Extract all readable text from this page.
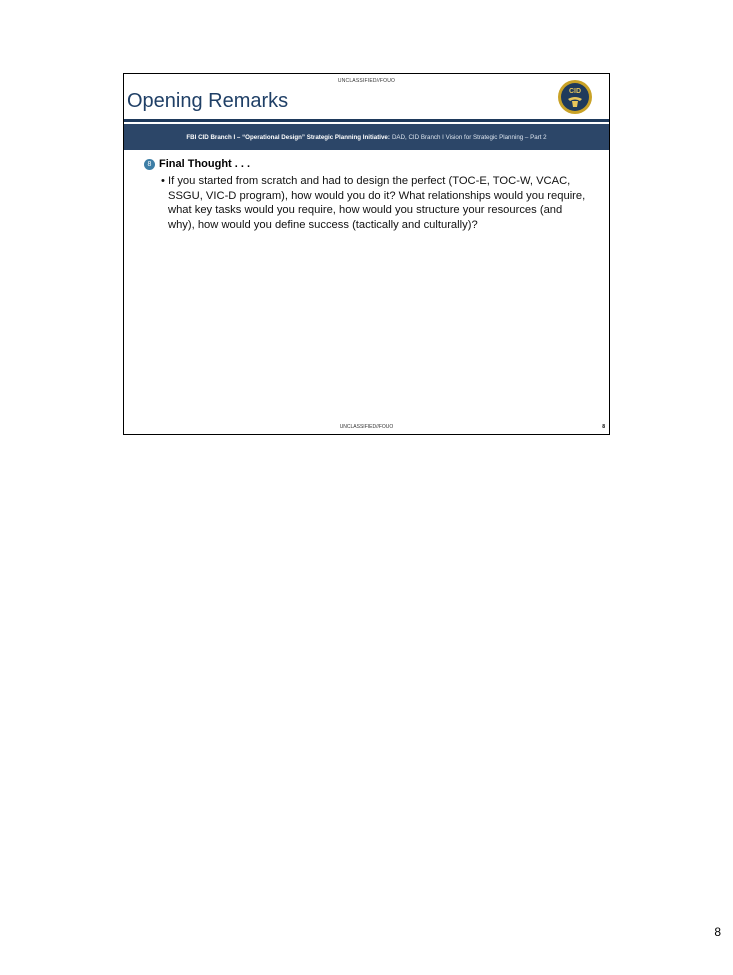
UNCLASSIFIED//FOUO
Opening Remarks	CID
FBI CID Branch I – “Operational Design” Strategic Planning Initiative: DAD, CID Branch I Vision for Strategic Planning – Part 2
8 Final Thought . . .
• If you started from scratch and had to design the perfect (TOC-E, TOC-W, VCAC, SSGU, VIC-D program), how would you do it? What relationships would you require, what key tasks would you require, how would you structure your resources (and why), how would you define success (tactically and culturally)?
UNCLASSIFIED//FOUO	8
8
